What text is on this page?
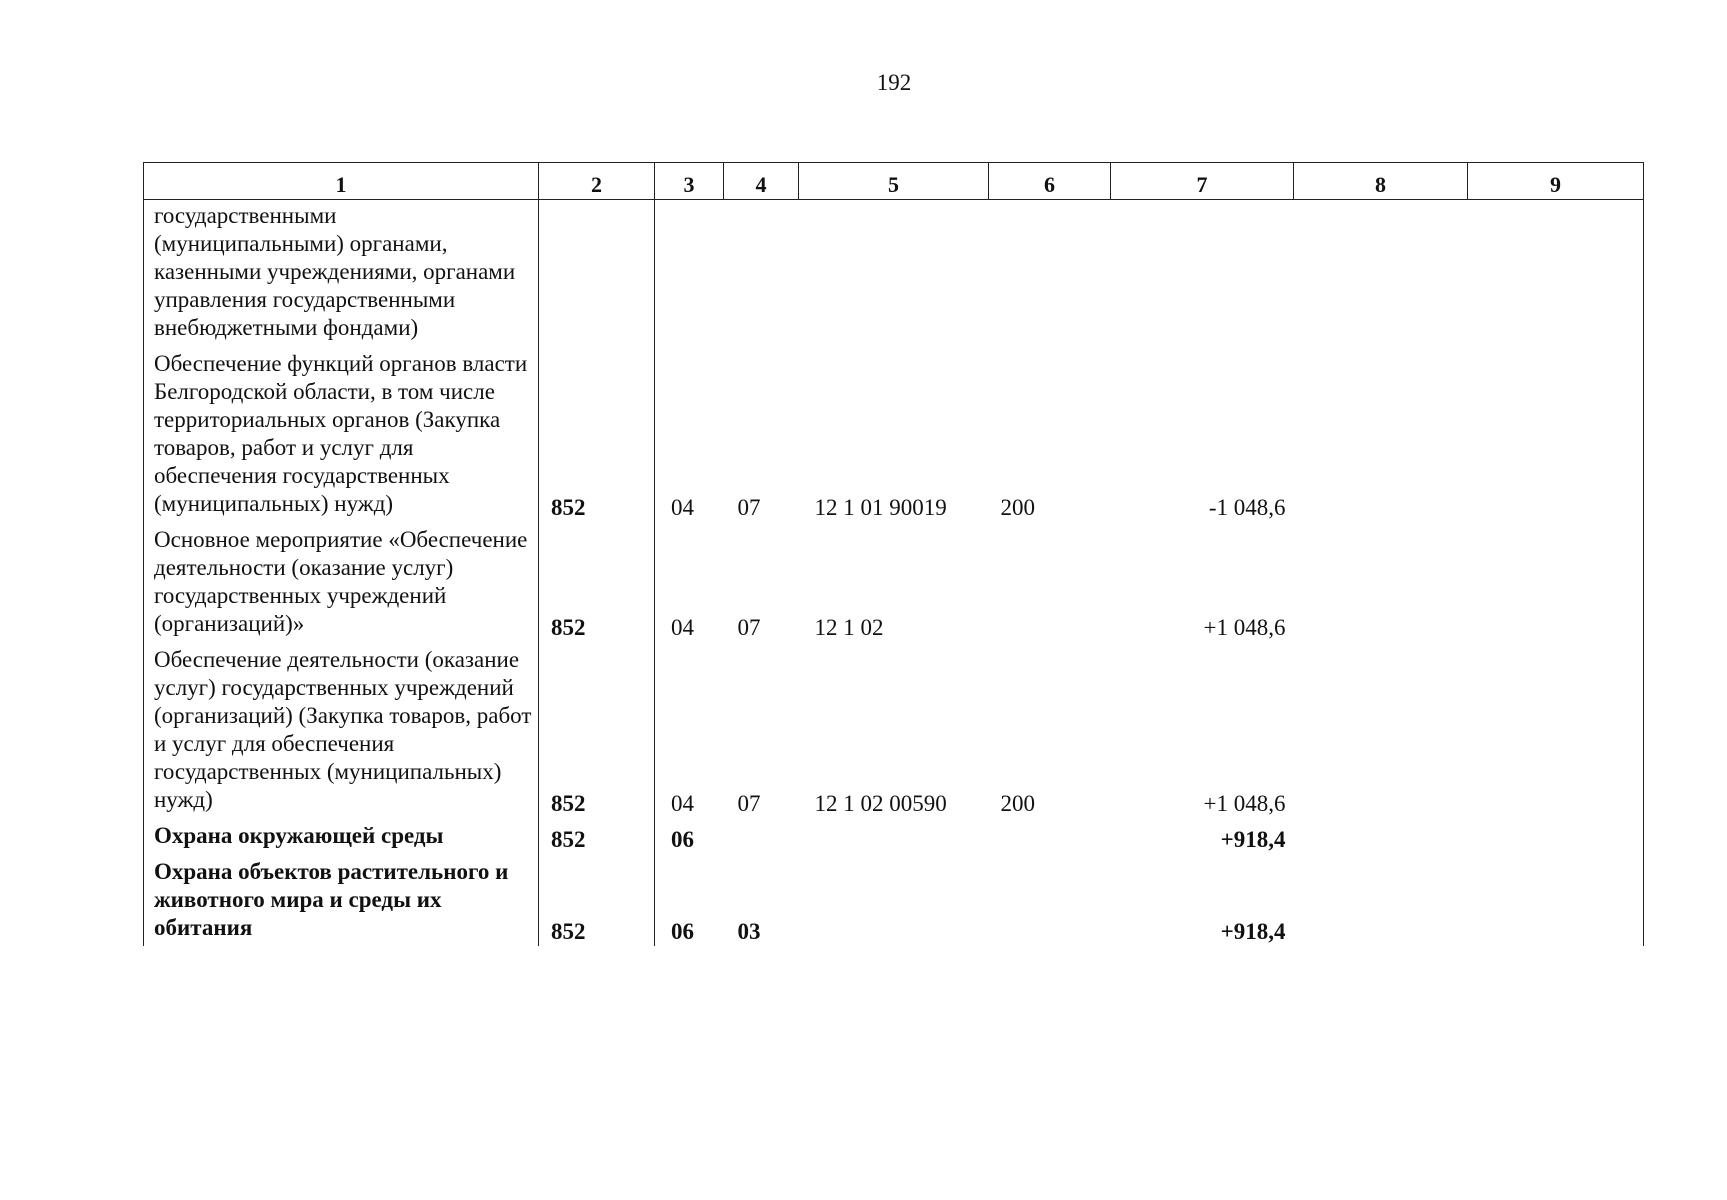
192
1	2	3	4	5	6	7	8	9
государственными (муниципальными) органами, казенными учреждениями, органами управления государственными внебюджетными фондами)								
Обеспечение функций органов власти Белгородской области, в том числе территориальных органов (Закупка товаров, работ и услуг для обеспечения государственных (муниципальных) нужд)	852	04	07	12 1 01 90019	200	-1 048,6		
Основное мероприятие «Обеспечение деятельности (оказание услуг) государственных учреждений (организаций)»	852	04	07	12 1 02		+1 048,6		
Обеспечение деятельности (оказание услуг) государственных учреждений (организаций) (Закупка товаров, работ и услуг для обеспечения государственных (муниципальных) нужд)	852	04	07	12 1 02 00590	200	+1 048,6		
Охрана окружающей среды	852	06				+918,4		
Охрана объектов растительного и животного мира и среды их обитания	852	06	03			+918,4		
